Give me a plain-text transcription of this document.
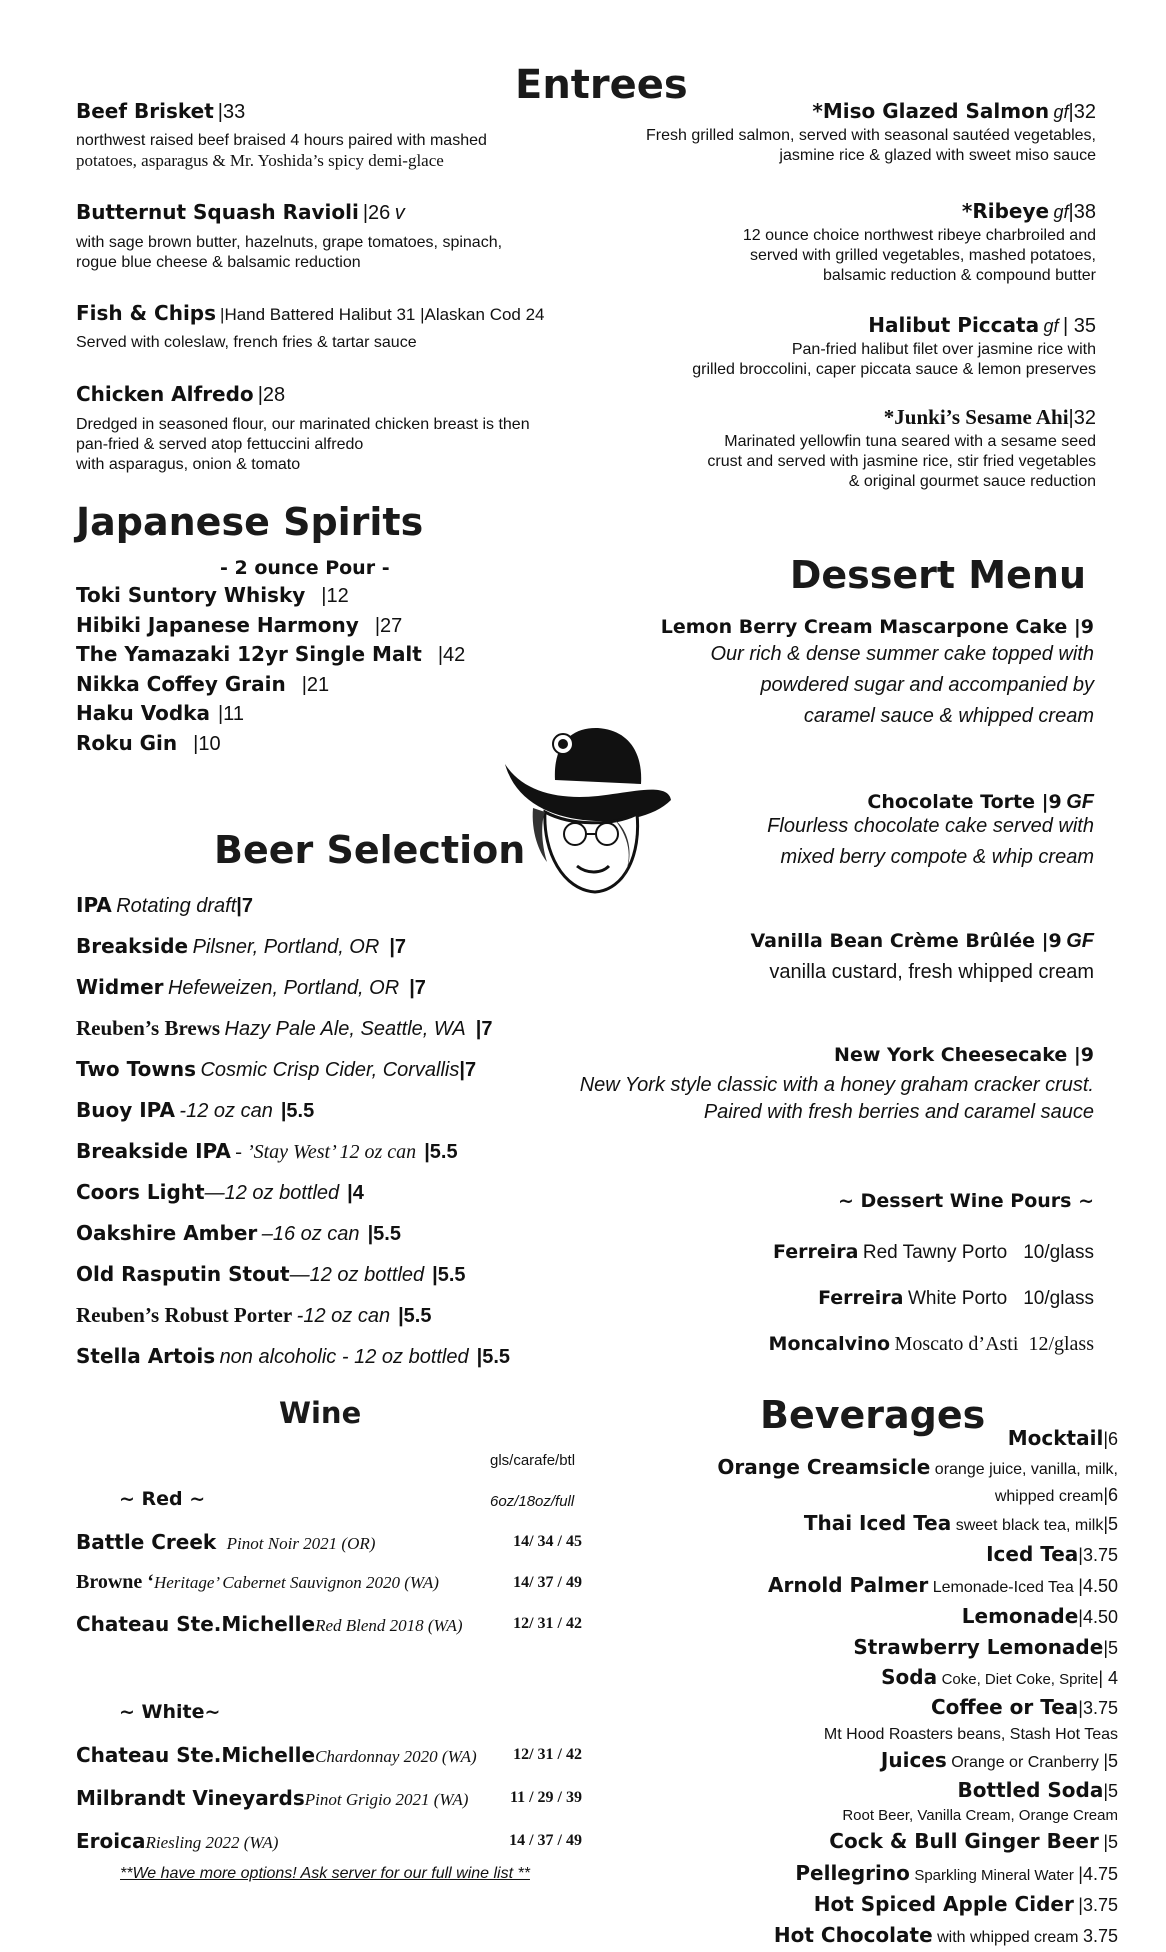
Entrees
Beef Brisket |33
northwest raised beef braised 4 hours paired with mashed
potatoes, asparagus & Mr. Yoshida’s spicy demi-glace
Butternut Squash Ravioli |26 v
with sage brown butter, hazelnuts, grape tomatoes, spinach,
rogue blue cheese & balsamic reduction
Fish & Chips |Hand Battered Halibut 31 |Alaskan Cod 24
Served with coleslaw, french fries & tartar sauce
Chicken Alfredo |28
Dredged in seasoned flour, our marinated chicken breast is then
pan-fried & served atop fettuccini alfredo
with asparagus, onion & tomato
*Miso Glazed Salmon gf|32
Fresh grilled salmon, served with seasonal sautéed vegetables,
jasmine rice & glazed with sweet miso sauce
*Ribeye gf|38
12 ounce choice northwest ribeye charbroiled and
served with grilled vegetables, mashed potatoes,
balsamic reduction & compound butter
Halibut Piccata gf | 35
Pan-fried halibut filet over jasmine rice with
grilled broccolini, caper piccata sauce & lemon preserves
*Junki’s Sesame Ahi|32
Marinated yellowfin tuna seared with a sesame seed
crust and served with jasmine rice, stir fried vegetables
& original gourmet sauce reduction
Japanese Spirits
- 2 ounce Pour -
Toki Suntory Whisky |12
Hibiki Japanese Harmony |27
The Yamazaki 12yr Single Malt |42
Nikka Coffey Grain |21
Haku Vodka |11
Roku Gin |10
Dessert Menu
Lemon Berry Cream Mascarpone Cake |9
Our rich & dense summer cake topped with
powdered sugar and accompanied by
caramel sauce & whipped cream
Chocolate Torte |9 GF
Flourless chocolate cake served with
mixed berry compote & whip cream
Vanilla Bean Crème Brûlée |9 GF
vanilla custard, fresh whipped cream
New York Cheesecake |9
New York style classic with a honey graham cracker crust.
Paired with fresh berries and caramel sauce
~ Dessert Wine Pours ~
Ferreira Red Tawny Porto 10/glass
Ferreira White Porto 10/glass
Moncalvino Moscato d’Asti 12/glass
Beer Selection
IPA Rotating draft|7
Breakside Pilsner, Portland, OR |7
Widmer Hefeweizen, Portland, OR |7
Reuben’s Brews Hazy Pale Ale, Seattle, WA |7
Two Towns Cosmic Crisp Cider, Corvallis|7
Buoy IPA -12 oz can |5.5
Breakside IPA - ’Stay West’ 12 oz can |5.5
Coors Light—12 oz bottled |4
Oakshire Amber –16 oz can |5.5
Old Rasputin Stout—12 oz bottled |5.5
Reuben’s Robust Porter -12 oz can |5.5
Stella Artois non alcoholic - 12 oz bottled |5.5
Wine
gls/carafe/btl
~ Red ~	6oz/18oz/full
Battle Creek Pinot Noir 2021 (OR)	14/ 34 / 45
Browne ‘Heritage’ Cabernet Sauvignon 2020 (WA)	14/ 37 / 49
Chateau Ste.MichelleRed Blend 2018 (WA)	12/ 31 / 42
~ White~
Chateau Ste.MichelleChardonnay 2020 (WA)	12/ 31 / 42
Milbrandt VineyardsPinot Grigio 2021 (WA)	11 / 29 / 39
EroicaRiesling 2022 (WA)	14 / 37 / 49
**We have more options! Ask server for our full wine list **
Beverages
Mocktail|6
Orange Creamsicle orange juice, vanilla, milk,
whipped cream|6
Thai Iced Tea sweet black tea, milk|5
Iced Tea|3.75
Arnold Palmer Lemonade-Iced Tea |4.50
Lemonade|4.50
Strawberry Lemonade|5
Soda Coke, Diet Coke, Sprite| 4
Coffee or Tea|3.75
Mt Hood Roasters beans, Stash Hot Teas
Juices Orange or Cranberry |5
Bottled Soda|5
Root Beer, Vanilla Cream, Orange Cream
Cock & Bull Ginger Beer |5
Pellegrino Sparkling Mineral Water |4.75
Hot Spiced Apple Cider |3.75
Hot Chocolate with whipped cream 3.75
